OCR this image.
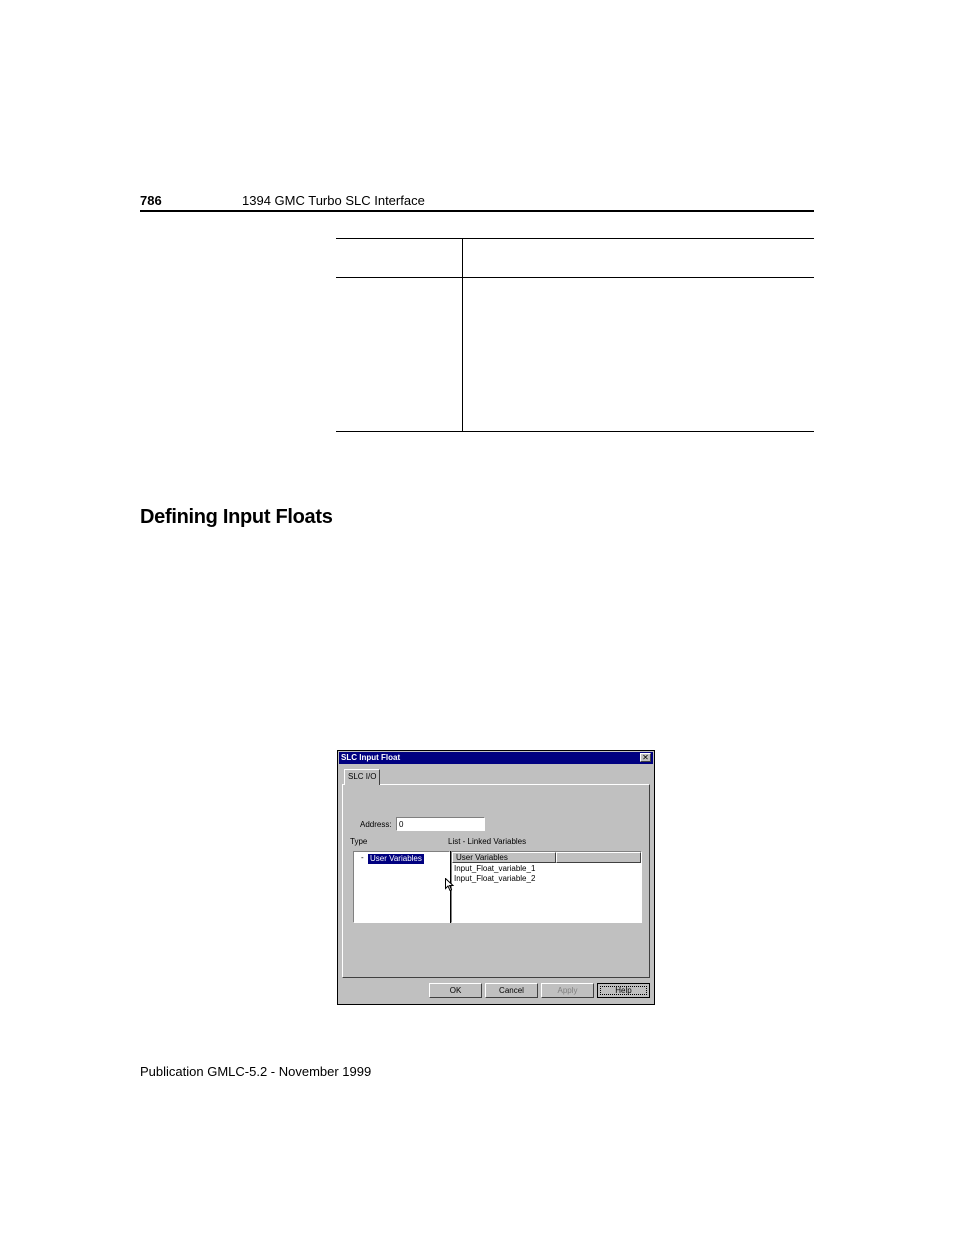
786	1394 GMC Turbo SLC Interface
Defining Input Floats
SLC Input Float	✕
SLC I/O
Address:
0
Type	List - Linked Variables
- User Variables	User Variables
Input_Float_variable_1
Input_Float_variable_2
OK	Cancel	Apply	Help
Publication GMLC-5.2 - November 1999
